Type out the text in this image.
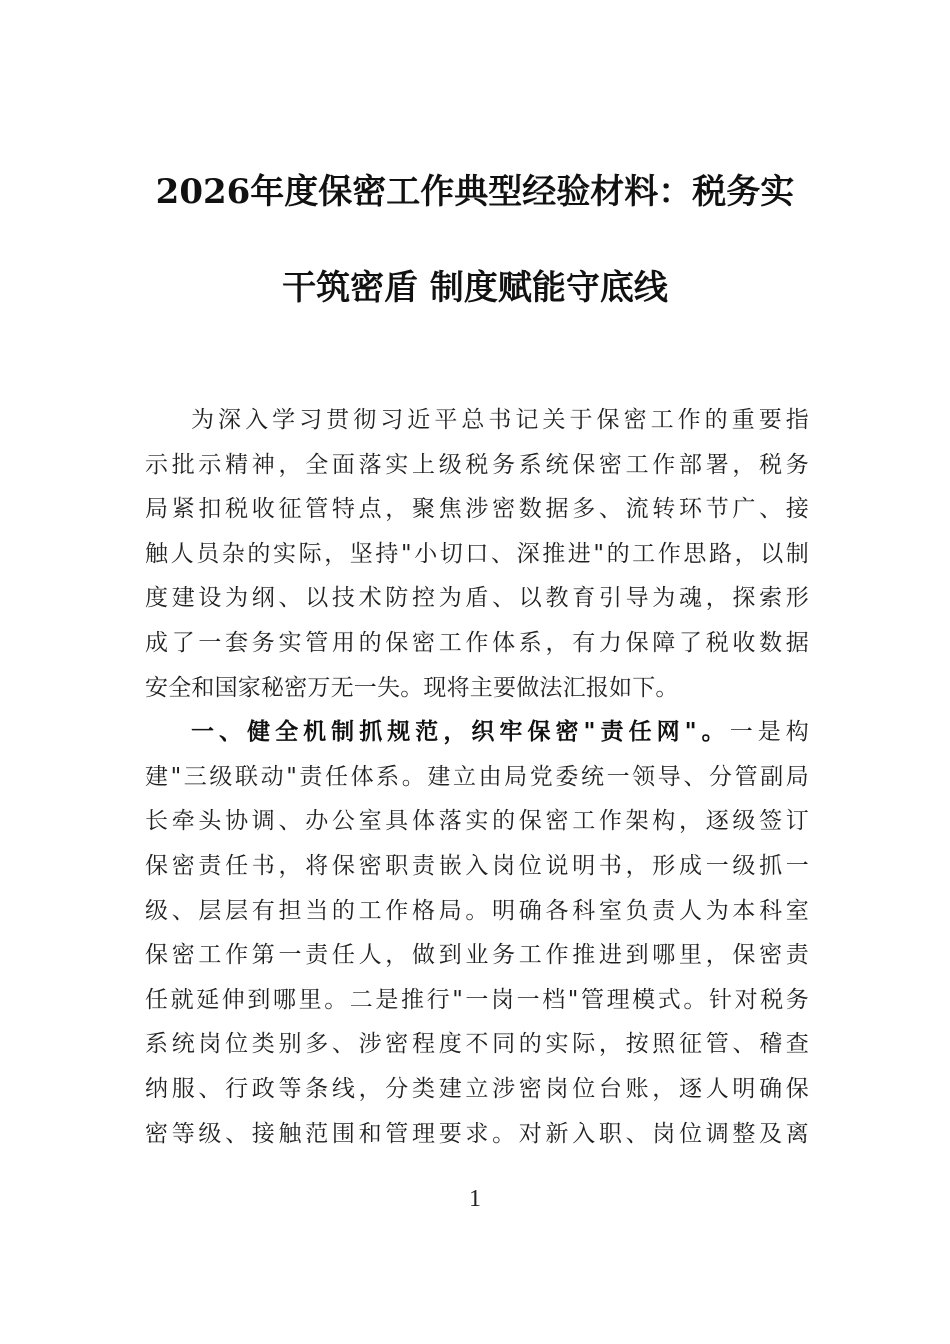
2026年度保密工作典型经验材料：税务实
干筑密盾 制度赋能守底线
为深入学习贯彻习近平总书记关于保密工作的重要指
示批示精神，全面落实上级税务系统保密工作部署，税务
局紧扣税收征管特点，聚焦涉密数据多、流转环节广、接
触人员杂的实际，坚持"小切口、深推进"的工作思路，以制
度建设为纲、以技术防控为盾、以教育引导为魂，探索形
成了一套务实管用的保密工作体系，有力保障了税收数据
安全和国家秘密万无一失。现将主要做法汇报如下。
一、健全机制抓规范，织牢保密"责任网"。一是构
建"三级联动"责任体系。建立由局党委统一领导、分管副局
长牵头协调、办公室具体落实的保密工作架构，逐级签订
保密责任书，将保密职责嵌入岗位说明书，形成一级抓一
级、层层有担当的工作格局。明确各科室负责人为本科室
保密工作第一责任人，做到业务工作推进到哪里，保密责
任就延伸到哪里。二是推行"一岗一档"管理模式。针对税务
系统岗位类别多、涉密程度不同的实际，按照征管、稽查
纳服、行政等条线，分类建立涉密岗位台账，逐人明确保
密等级、接触范围和管理要求。对新入职、岗位调整及离
1
